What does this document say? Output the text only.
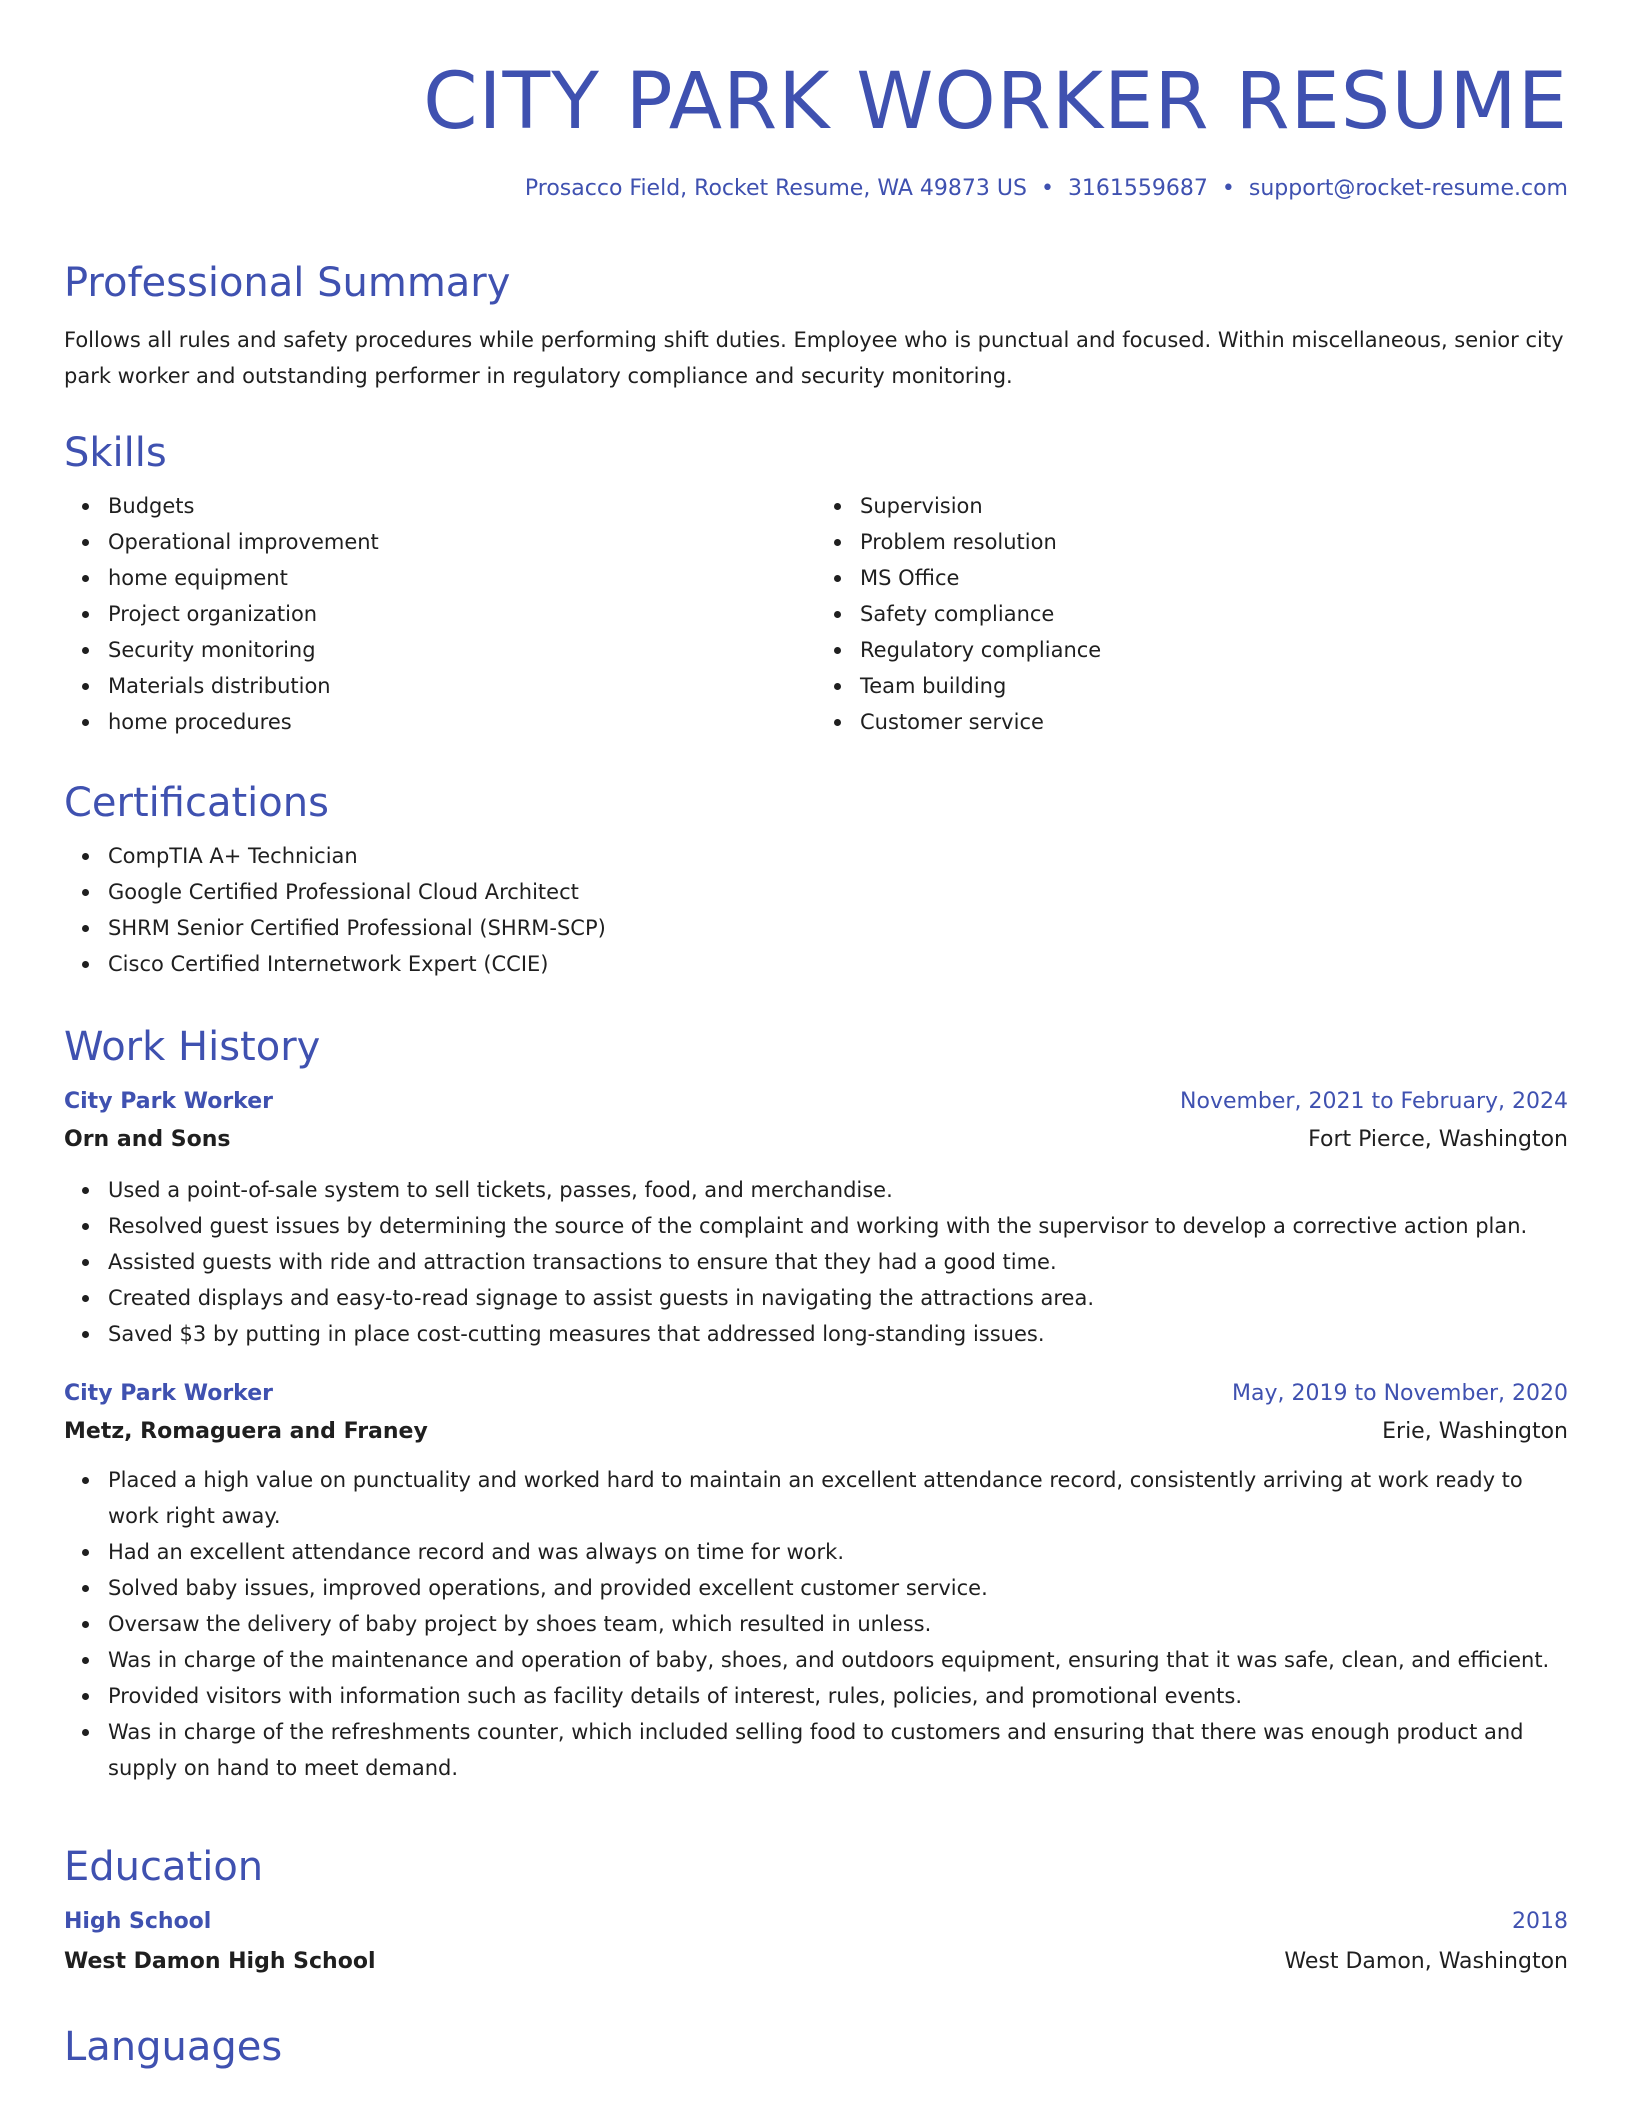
CITY PARK WORKER RESUME
Prosacco Field, Rocket Resume, WA 49873 US • 3161559687 • support@rocket-resume.com
Professional Summary

Follows all rules and safety procedures while performing shift duties. Employee who is punctual and focused. Within miscellaneous, senior city park worker and outstanding performer in regulatory compliance and security monitoring.

Skills
Budgets
Operational improvement
home equipment
Project organization
Security monitoring
Materials distribution
home procedures
Supervision
Problem resolution
MS Office
Safety compliance
Regulatory compliance
Team building
Customer service
Certifications
CompTIA A+ Technician
Google Certified Professional Cloud Architect
SHRM Senior Certified Professional (SHRM-SCP)
Cisco Certified Internetwork Expert (CCIE)
Work History
City Park Worker	November, 2021 to February, 2024
Orn and Sons	Fort Pierce, Washington
Used a point-of-sale system to sell tickets, passes, food, and merchandise.
Resolved guest issues by determining the source of the complaint and working with the supervisor to develop a corrective action plan.
Assisted guests with ride and attraction transactions to ensure that they had a good time.
Created displays and easy-to-read signage to assist guests in navigating the attractions area.
Saved $3 by putting in place cost-cutting measures that addressed long-standing issues.
City Park Worker	May, 2019 to November, 2020
Metz, Romaguera and Franey	Erie, Washington
Placed a high value on punctuality and worked hard to maintain an excellent attendance record, consistently arriving at work ready to work right away.
Had an excellent attendance record and was always on time for work.
Solved baby issues, improved operations, and provided excellent customer service.
Oversaw the delivery of baby project by shoes team, which resulted in unless.
Was in charge of the maintenance and operation of baby, shoes, and outdoors equipment, ensuring that it was safe, clean, and efficient.
Provided visitors with information such as facility details of interest, rules, policies, and promotional events.
Was in charge of the refreshments counter, which included selling food to customers and ensuring that there was enough product and supply on hand to meet demand.
Education
High School	2018
West Damon High School	West Damon, Washington
Languages
